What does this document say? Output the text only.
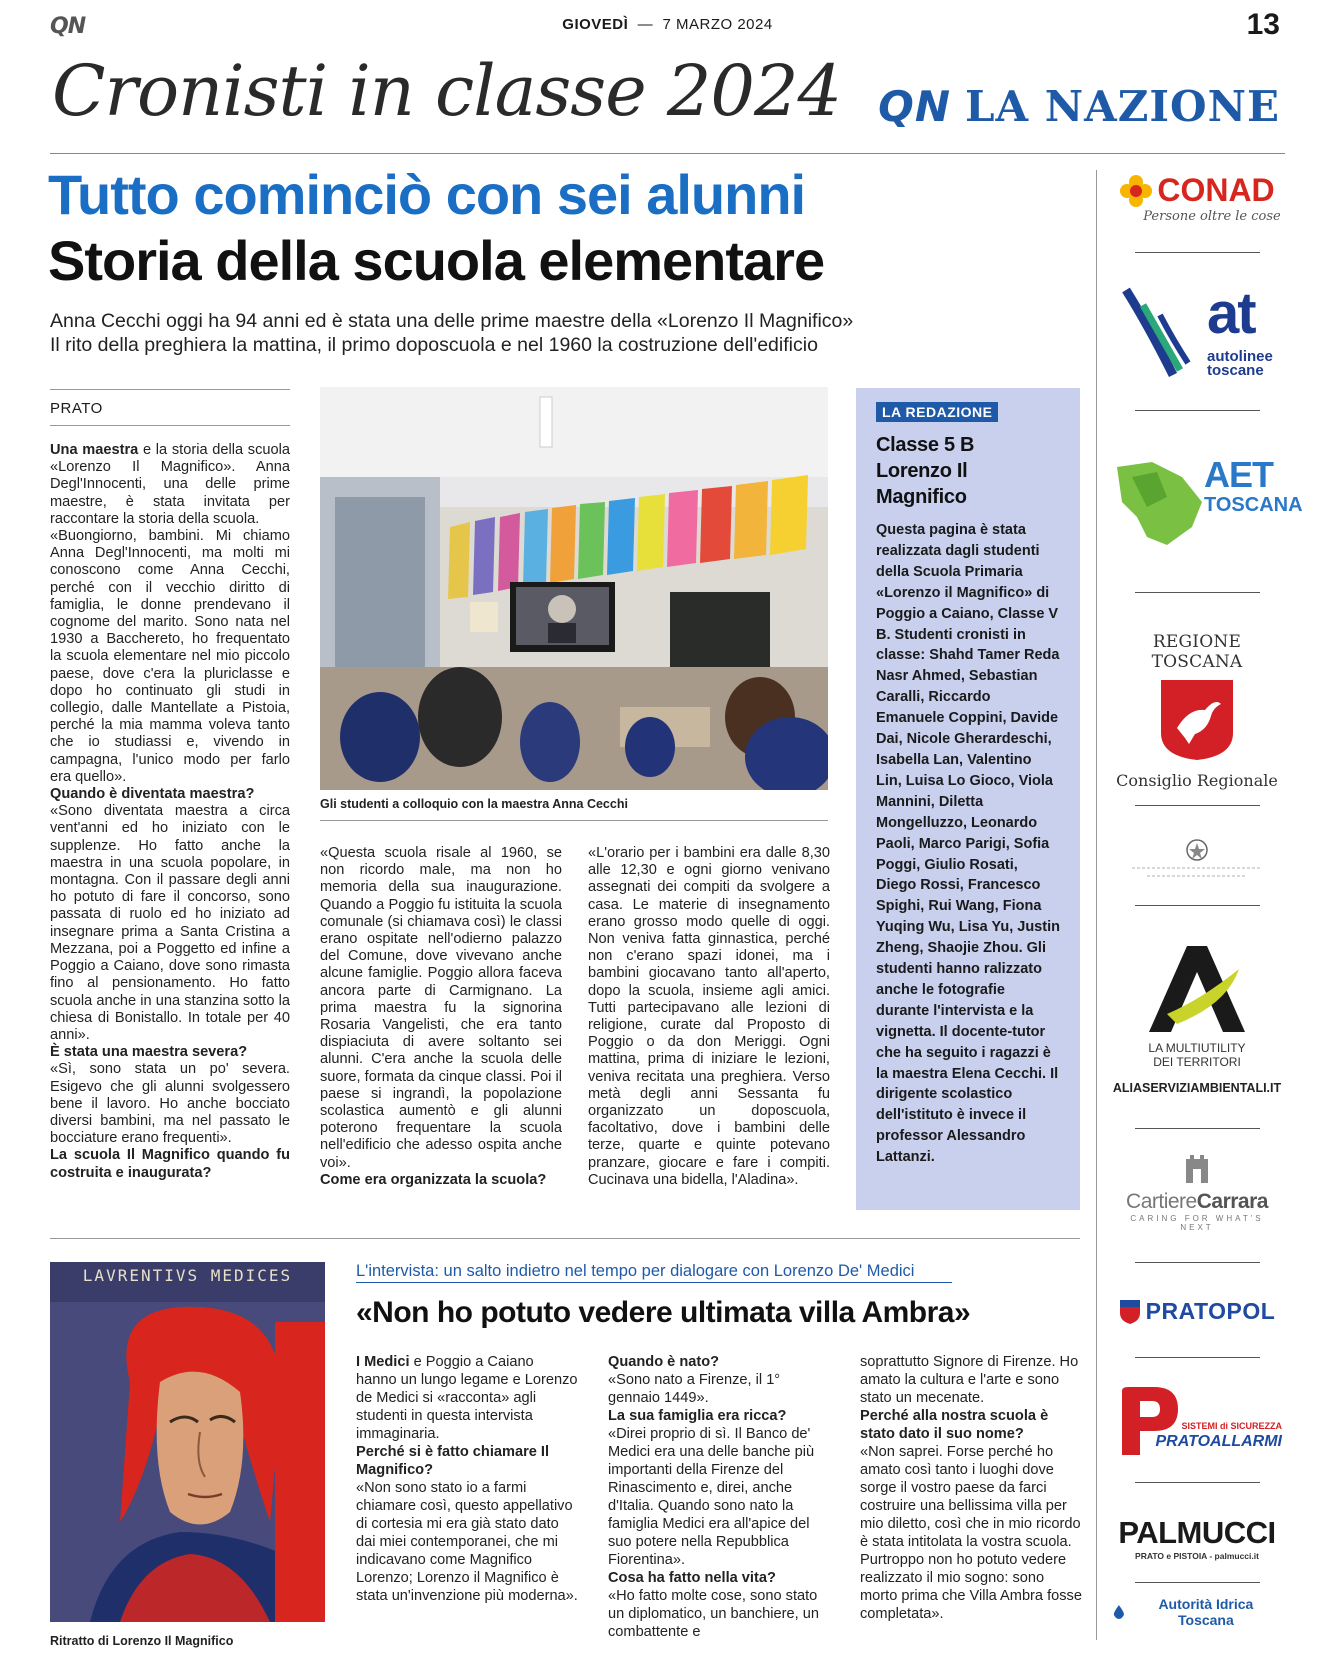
QN	GIOVEDÌ  —  7 MARZO 2024	13
Cronisti in classe 2024 QN LA NAZIONE
Tutto cominciò con sei alunni
Storia della scuola elementare
Anna Cecchi oggi ha 94 anni ed è stata una delle prime maestre della «Lorenzo Il Magnifico»
Il rito della preghiera la mattina, il primo doposcuola e nel 1960 la costruzione dell'edificio
PRATO

Una maestra e la storia della scuola «Lorenzo Il Magnifico». Anna Degl'Innocenti, una delle prime maestre, è stata invitata per raccontare la storia della scuola.

«Buongiorno, bambini. Mi chiamo Anna Degl'Innocenti, ma molti mi conoscono come Anna Cecchi, perché con il vecchio diritto di famiglia, le donne prendevano il cognome del marito. Sono nata nel 1930 a Bacchereto, ho frequentato la scuola elementare nel mio piccolo paese, dove c'era la pluriclasse e dopo ho continuato gli studi in collegio, dalle Mantellate a Pistoia, perché la mia mamma voleva tanto che io studiassi e, vivendo in campagna, l'unico modo per farlo era quello».

Quando è diventata maestra?

«Sono diventata maestra a circa vent'anni ed ho iniziato con le supplenze. Ho fatto anche la maestra in una scuola popolare, in montagna. Con il passare degli anni ho potuto di fare il concorso, sono passata di ruolo ed ho iniziato ad insegnare prima a Santa Cristina a Mezzana, poi a Poggetto ed infine a Poggio a Caiano, dove sono rimasta fino al pensionamento. Ho fatto scuola anche in una stanzina sotto la chiesa di Bonistallo. In totale per 40 anni».

È stata una maestra severa?

«Sì, sono stata un po' severa. Esigevo che gli alunni svolgessero bene il lavoro. Ho anche bocciato diversi bambini, ma nel passato le bocciature erano frequenti».

La scuola Il Magnifico quando fu costruita e inaugurata?

Gli studenti a colloquio con la maestra Anna Cecchi

«Questa scuola risale al 1960, se non ricordo male, ma non ho memoria della sua inaugurazione. Quando a Poggio fu istituita la scuola comunale (si chiamava così) le classi erano ospitate nell'odierno palazzo del Comune, dove vivevano anche alcune famiglie. Poggio allora faceva ancora parte di Carmignano. La prima maestra fu la signorina Rosaria Vangelisti, che era tanto dispiaciuta di avere soltanto sei alunni. C'era anche la scuola delle suore, formata da cinque classi. Poi il paese si ingrandì, la popolazione scolastica aumentò e gli alunni poterono frequentare la scuola nell'edificio che adesso ospita anche voi».

Come era organizzata la scuola?

«L'orario per i bambini era dalle 8,30 alle 12,30 e ogni giorno venivano assegnati dei compiti da svolgere a casa. Le materie di insegnamento erano grosso modo quelle di oggi. Non veniva fatta ginnastica, perché non c'erano spazi idonei, ma i bambini giocavano tanto all'aperto, dopo la scuola, insieme agli amici. Tutti partecipavano alle lezioni di religione, curate dal Proposto di Poggio o da don Meriggi. Ogni mattina, prima di iniziare le lezioni, veniva recitata una preghiera. Verso metà degli anni Sessanta fu organizzato un doposcuola, facoltativo, dove i bambini delle terze, quarte e quinte potevano pranzare, giocare e fare i compiti. Cucinava una bidella, l'Aladina».

LA REDAZIONE
Classe 5 B
Lorenzo Il Magnifico
Questa pagina è stata realizzata dagli studenti della Scuola Primaria «Lorenzo il Magnifico» di Poggio a Caiano, Classe V B. Studenti cronisti in classe: Shahd Tamer Reda Nasr Ahmed, Sebastian Caralli, Riccardo Emanuele Coppini, Davide Dai, Nicole Gherardeschi, Isabella Lan, Valentino Lin, Luisa Lo Gioco, Viola Mannini, Diletta Mongelluzzo, Leonardo Paoli, Marco Parigi, Sofia Poggi, Giulio Rosati, Diego Rossi, Francesco Spighi, Rui Wang, Fiona Yuqing Wu, Lisa Yu, Justin Zheng, Shaojie Zhou. Gli studenti hanno ralizzato anche le fotografie durante l'intervista e la vignetta. Il docente-tutor che ha seguito i ragazzi è la maestra Elena Cecchi. Il dirigente scolastico dell'istituto è invece il professor Alessandro Lattanzi.
CONAD
Persone oltre le cose
at
autolinee
toscane
AET
TOSCANA
REGIONE TOSCANA
Consiglio Regionale
LA MULTIUTILITY
DEI TERRITORI
ALIASERVIZIAMBIENTALI.IT
CartiereCarrara
CARING FOR WHAT'S NEXT
PRATOPOL
SISTEMI di SICUREZZA
PRATOALLARMI
PALMUCCI
PRATO e PISTOIA - palmucci.it
Autorità Idrica Toscana
LAVRENTIVS MEDICES
Ritratto di Lorenzo Il Magnifico
L'intervista: un salto indietro nel tempo per dialogare con Lorenzo De' Medici
«Non ho potuto vedere ultimata villa Ambra»

I Medici e Poggio a Caiano hanno un lungo legame e Lorenzo de Medici si «racconta» agli studenti in questa intervista immaginaria.

Perché si è fatto chiamare Il Magnifico?

«Non sono stato io a farmi chiamare così, questo appellativo di cortesia mi era già stato dato dai miei contemporanei, che mi indicavano come Magnifico Lorenzo; Lorenzo il Magnifico è stata un'invenzione più moderna».

Quando è nato?

«Sono nato a Firenze, il 1° gennaio 1449».

La sua famiglia era ricca?

«Direi proprio di sì. Il Banco de' Medici era una delle banche più importanti della Firenze del Rinascimento e, direi, anche d'Italia. Quando sono nato la famiglia Medici era all'apice del suo potere nella Repubblica Fiorentina».

Cosa ha fatto nella vita?

«Ho fatto molte cose, sono stato un diplomatico, un banchiere, un combattente e

soprattutto Signore di Firenze. Ho amato la cultura e l'arte e sono stato un mecenate.

Perché alla nostra scuola è stato dato il suo nome?

«Non saprei. Forse perché ho amato così tanto i luoghi dove sorge il vostro paese da farci costruire una bellissima villa per mio diletto, così che in mio ricordo è stata intitolata la vostra scuola. Purtroppo non ho potuto vedere realizzato il mio sogno: sono morto prima che Villa Ambra fosse completata».
